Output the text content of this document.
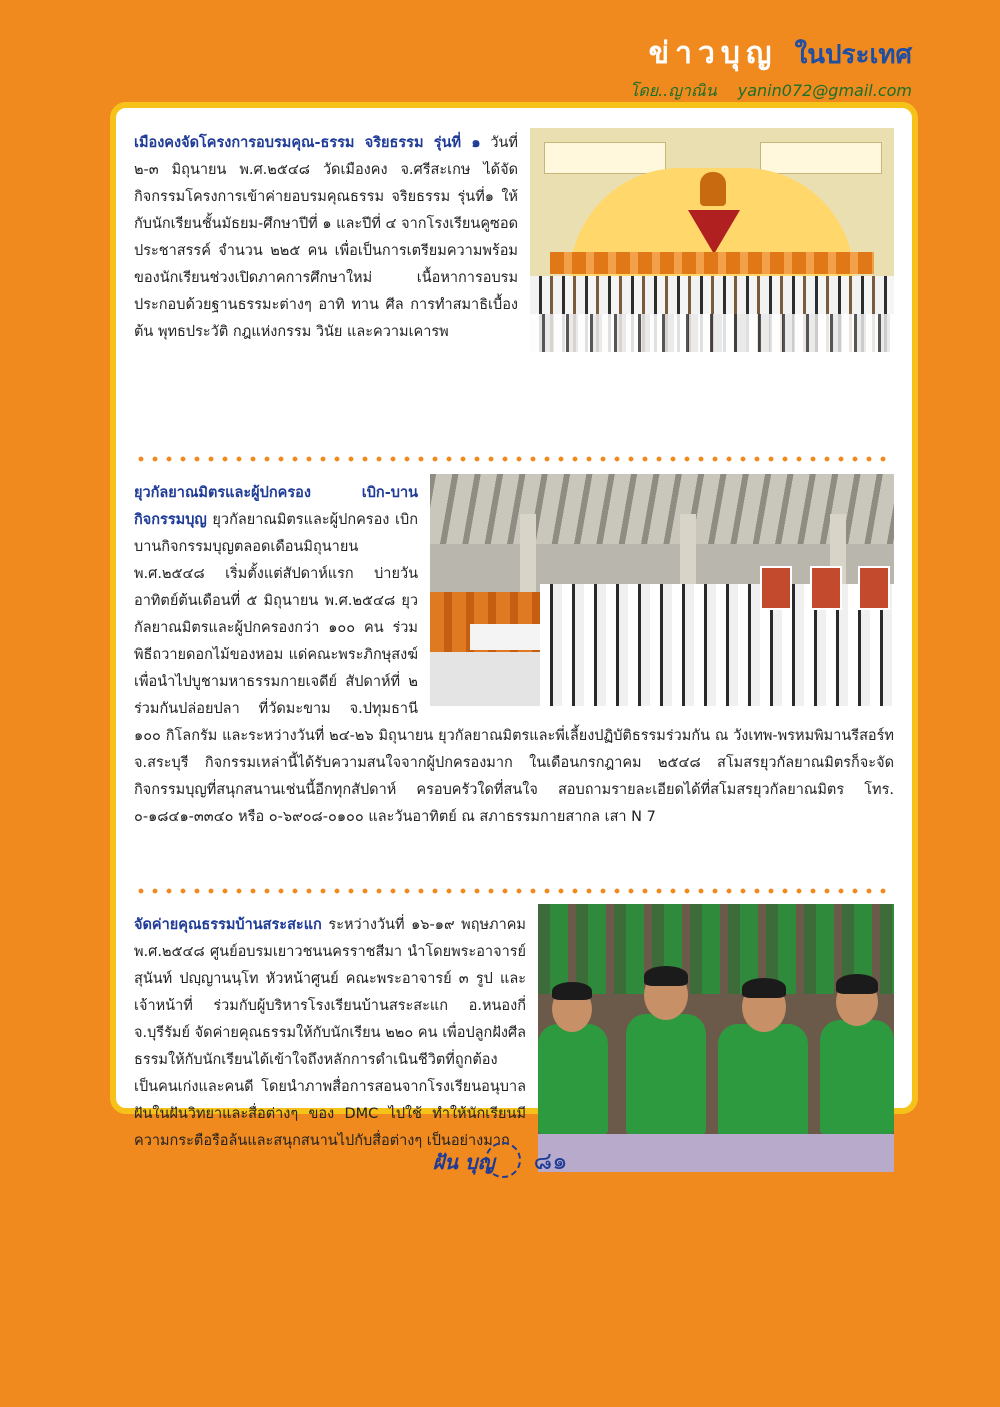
ข่าวบุญ ในประเทศ
โดย..ญาณิน yanin072@gmail.com

เมืองคงจัดโครงการอบรมคุณ-ธรรม จริยธรรม รุ่นที่ ๑ วันที่ ๒-๓ มิถุนายน พ.ศ.๒๕๔๘ วัดเมืองคง จ.ศรีสะเกษ ได้จัดกิจกรรมโครงการเข้าค่ายอบรมคุณธรรม จริยธรรม รุ่นที่๑ ให้กับนักเรียนชั้นมัธยม-ศึกษาปีที่ ๑ และปีที่ ๔ จากโรงเรียนคูซอดประชาสรรค์ จำนวน ๒๒๕ คน เพื่อเป็นการเตรียมความพร้อมของนักเรียนช่วงเปิดภาคการศึกษาใหม่ เนื้อหาการอบรมประกอบด้วยฐานธรรมะต่างๆ อาทิ ทาน ศีล การทำสมาธิเบื้องต้น พุทธประวัติ กฎแห่งกรรม วินัย และความเคารพ

ยุวกัลยาณมิตรและผู้ปกครอง เบิก-บานกิจกรรมบุญ ยุวกัลยาณมิตรและผู้ปกครอง เบิกบานกิจกรรมบุญตลอดเดือนมิถุนายน พ.ศ.๒๕๔๘ เริ่มตั้งแต่สัปดาห์แรก บ่ายวันอาทิตย์ต้นเดือนที่ ๕ มิถุนายน พ.ศ.๒๕๔๘ ยุวกัลยาณมิตรและผู้ปกครองกว่า ๑๐๐ คน ร่วมพิธีถวายดอกไม้ของหอม แด่คณะพระภิกษุสงฆ์เพื่อนำไปบูชามหาธรรมกายเจดีย์ สัปดาห์ที่ ๒ ร่วมกันปล่อยปลา ที่วัดมะขาม จ.ปทุมธานี ๑๐๐ กิโลกรัม และระหว่างวันที่ ๒๔-๒๖ มิถุนายน ยุวกัลยาณมิตรและพี่เลี้ยงปฏิบัติธรรมร่วมกัน ณ วังเทพ-พรหมพิมานรีสอร์ท จ.สระบุรี กิจกรรมเหล่านี้ได้รับความสนใจจากผู้ปกครองมาก ในเดือนกรกฎาคม ๒๕๔๘ สโมสรยุวกัลยาณมิตรก็จะจัดกิจกรรมบุญที่สนุกสนานเช่นนี้อีกทุกสัปดาห์ ครอบครัวใดที่สนใจ สอบถามรายละเอียดได้ที่สโมสรยุวกัลยาณมิตร โทร. ๐-๑๘๔๑-๓๓๔๐ หรือ ๐-๖๙๐๘-๐๑๐๐ และวันอาทิตย์ ณ สภาธรรมกายสากล เสา N 7

จัดค่ายคุณธรรมบ้านสระสะแก ระหว่างวันที่ ๑๖-๑๙ พฤษภาคม พ.ศ.๒๕๔๘ ศูนย์อบรมเยาวชนนครราชสีมา นำโดยพระอาจารย์สุนันท์ ปญฺญานนฺโท หัวหน้าศูนย์ คณะพระอาจารย์ ๓ รูป และเจ้าหน้าที่ ร่วมกับผู้บริหารโรงเรียนบ้านสระสะแก อ.หนองกี่ จ.บุรีรัมย์ จัดค่ายคุณธรรมให้กับนักเรียน ๒๒๐ คน เพื่อปลูกฝังศีลธรรมให้กับนักเรียนได้เข้าใจถึงหลักการดำเนินชีวิตที่ถูกต้อง เป็นคนเก่งและคนดี โดยนำภาพสื่อการสอนจากโรงเรียนอนุบาลฝันในฝันวิทยาและสื่อต่างๆ ของ DMC ไปใช้ ทำให้นักเรียนมีความกระตือรือล้นและสนุกสนานไปกับสื่อต่างๆ เป็นอย่างมาก

ฝัน บุญ ๘๑
